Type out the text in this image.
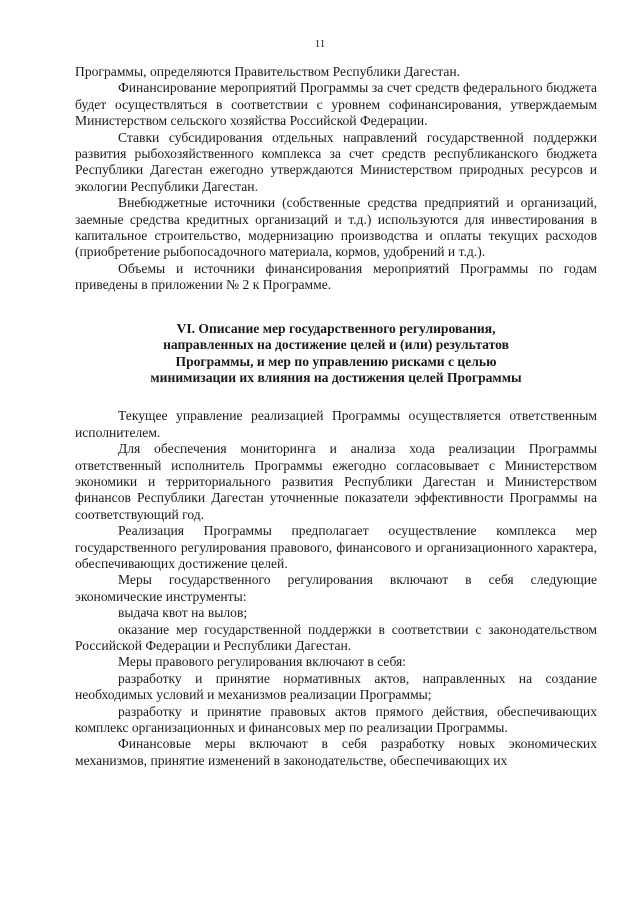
11

Программы, определяются Правительством Республики Дагестан.

Финансирование мероприятий Программы за счет средств федерального бюджета будет осуществляться в соответствии с уровнем софинансирования, утверждаемым Министерством сельского хозяйства Российской Федерации.

Ставки субсидирования отдельных направлений государственной поддержки развития рыбохозяйственного комплекса за счет средств республиканского бюджета Республики Дагестан ежегодно утверждаются Министерством природных ресурсов и экологии Республики Дагестан.

Внебюджетные источники (собственные средства предприятий и организаций, заемные средства кредитных организаций и т.д.) используются для инвестирования в капитальное строительство, модернизацию производства и оплаты текущих расходов (приобретение рыбопосадочного материала, кормов, удобрений и т.д.).

Объемы и источники финансирования мероприятий Программы по годам приведены в приложении № 2 к Программе.

VI. Описание мер государственного регулирования,
направленных на достижение целей и (или) результатов
Программы, и мер по управлению рисками с целью
минимизации их влияния на достижения целей Программы

Текущее управление реализацией Программы осуществляется ответственным исполнителем.

Для обеспечения мониторинга и анализа хода реализации Программы ответственный исполнитель Программы ежегодно согласовывает с Министерством экономики и территориального развития Республики Дагестан и Министерством финансов Республики Дагестан уточненные показатели эффективности Программы на соответствующий год.

Реализация Программы предполагает осуществление комплекса мер государственного регулирования правового, финансового и организационного характера, обеспечивающих достижение целей.

Меры государственного регулирования включают в себя следующие экономические инструменты:

выдача квот на вылов;

оказание мер государственной поддержки в соответствии с законодательством Российской Федерации и Республики Дагестан.

Меры правового регулирования включают в себя:

разработку и принятие нормативных актов, направленных на создание необходимых условий и механизмов реализации Программы;

разработку и принятие правовых актов прямого действия, обеспечивающих комплекс организационных и финансовых мер по реализации Программы.

Финансовые меры включают в себя разработку новых экономических механизмов, принятие изменений в законодательстве, обеспечивающих их
